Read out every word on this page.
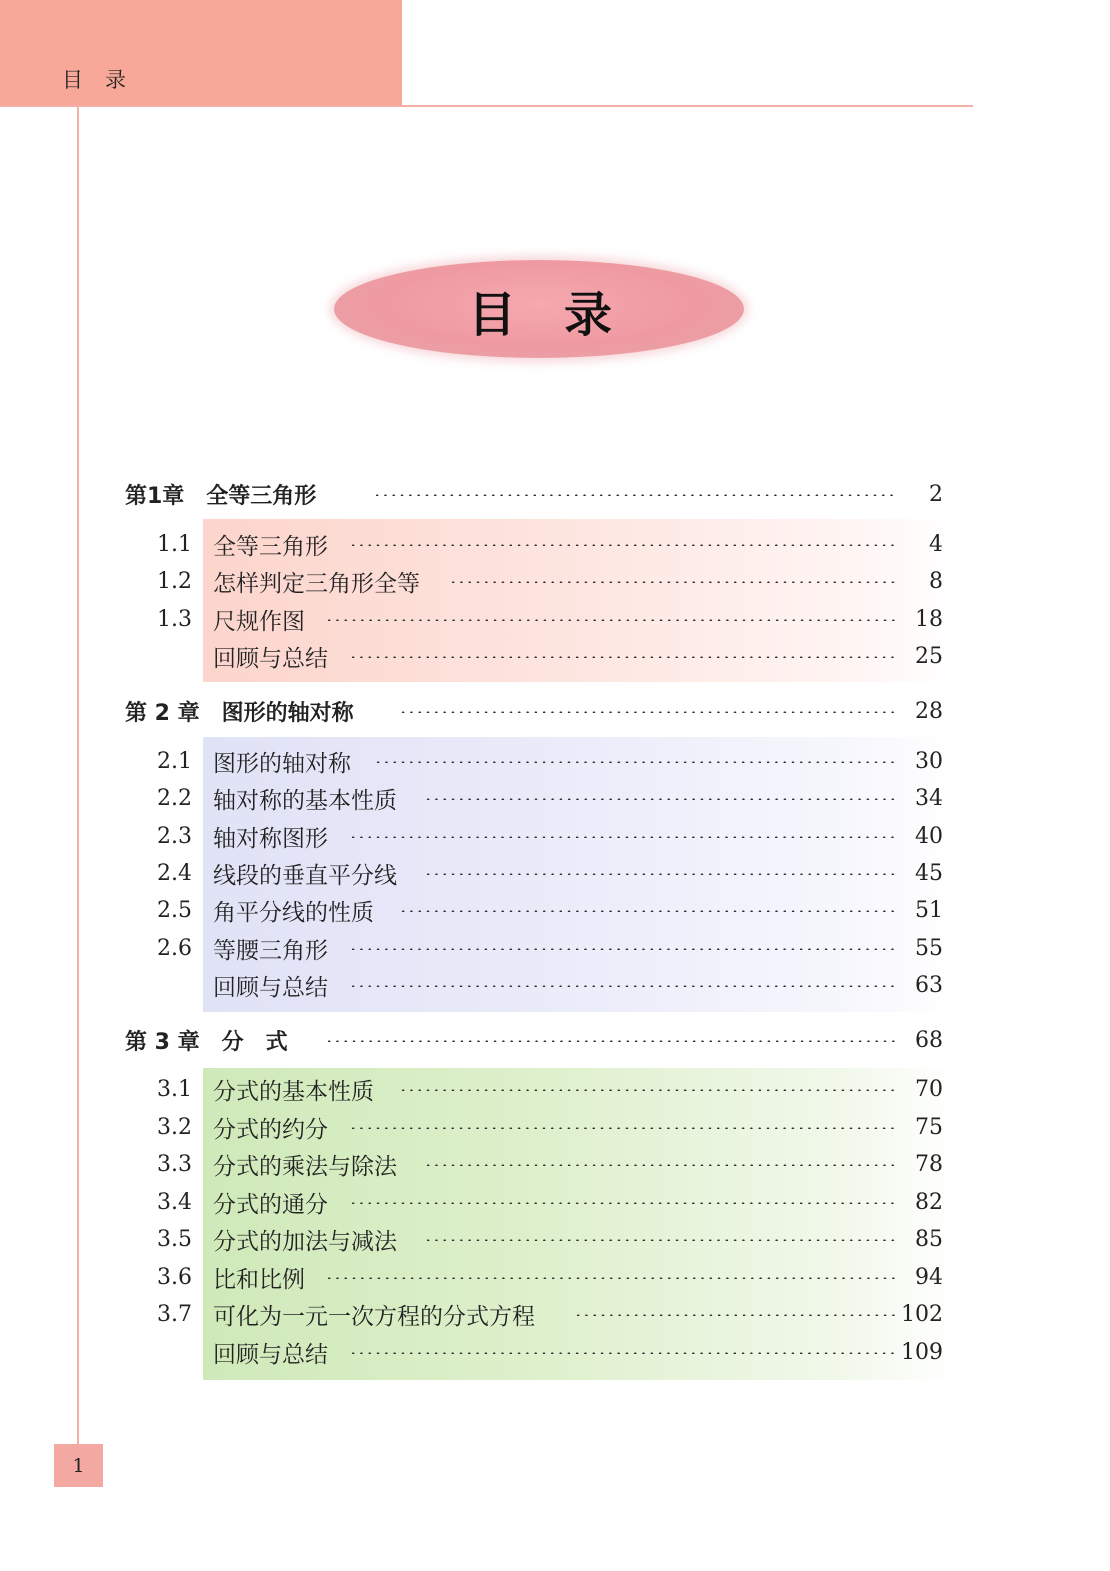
目录
目录
第1章　全等三角形	2
1.1 全等三角形	4
1.2 怎样判定三角形全等	8
1.3 尺规作图	18
回顾与总结	25
第 2 章　图形的轴对称	28
2.1 图形的轴对称	30
2.2 轴对称的基本性质	34
2.3 轴对称图形	40
2.4 线段的垂直平分线	45
2.5 角平分线的性质	51
2.6 等腰三角形	55
回顾与总结	63
第 3 章　分　式	68
3.1 分式的基本性质	70
3.2 分式的约分	75
3.3 分式的乘法与除法	78
3.4 分式的通分	82
3.5 分式的加法与减法	85
3.6 比和比例	94
3.7 可化为一元一次方程的分式方程	102
回顾与总结	109
1
